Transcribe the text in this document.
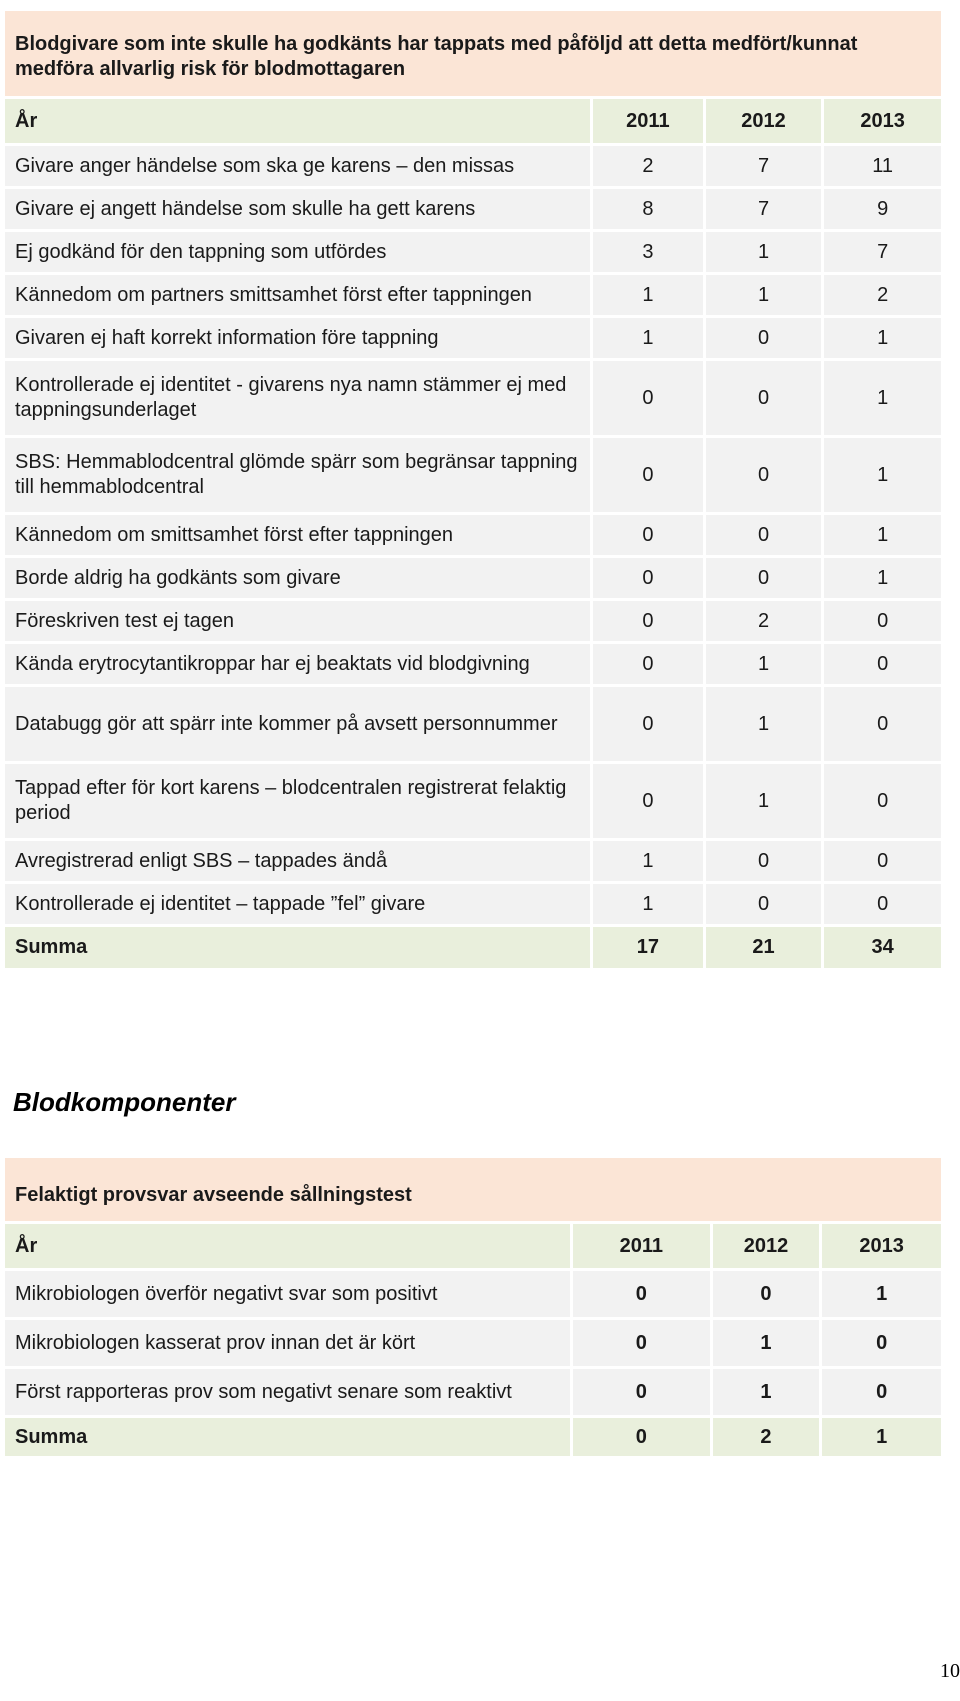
Blodgivare som inte skulle ha godkänts har tappats med påföljd att detta medfört/kunnat medföra allvarlig risk för blodmottagaren			
År	2011	2012	2013
Givare anger händelse som ska ge karens – den missas	2	7	11
Givare ej angett händelse som skulle ha gett karens	8	7	9
Ej godkänd för den tappning som utfördes	3	1	7
Kännedom om partners smittsamhet först efter tappningen	1	1	2
Givaren ej haft korrekt information före tappning	1	0	1
Kontrollerade ej identitet - givarens nya namn stämmer ej med tappningsunderlaget	0	0	1
SBS: Hemmablodcentral glömde spärr som begränsar tappning till hemmablodcentral	0	0	1
Kännedom om smittsamhet först efter tappningen	0	0	1
Borde aldrig ha godkänts som givare	0	0	1
Föreskriven test ej tagen	0	2	0
Kända erytrocytantikroppar har ej beaktats vid blodgivning	0	1	0
Databugg gör att spärr inte kommer på avsett personnummer	0	1	0
Tappad efter för kort karens – blodcentralen registrerat felaktig period	0	1	0
Avregistrerad enligt SBS – tappades ändå	1	0	0
Kontrollerade ej identitet – tappade ”fel” givare	1	0	0
Summa	17	21	34
Blodkomponenter
Felaktigt provsvar avseende sållningstest			
År	2011	2012	2013
Mikrobiologen överför negativt svar som positivt	0	0	1
Mikrobiologen kasserat prov innan det är kört	0	1	0
Först rapporteras prov som negativt senare som reaktivt	0	1	0
Summa	0	2	1
10
